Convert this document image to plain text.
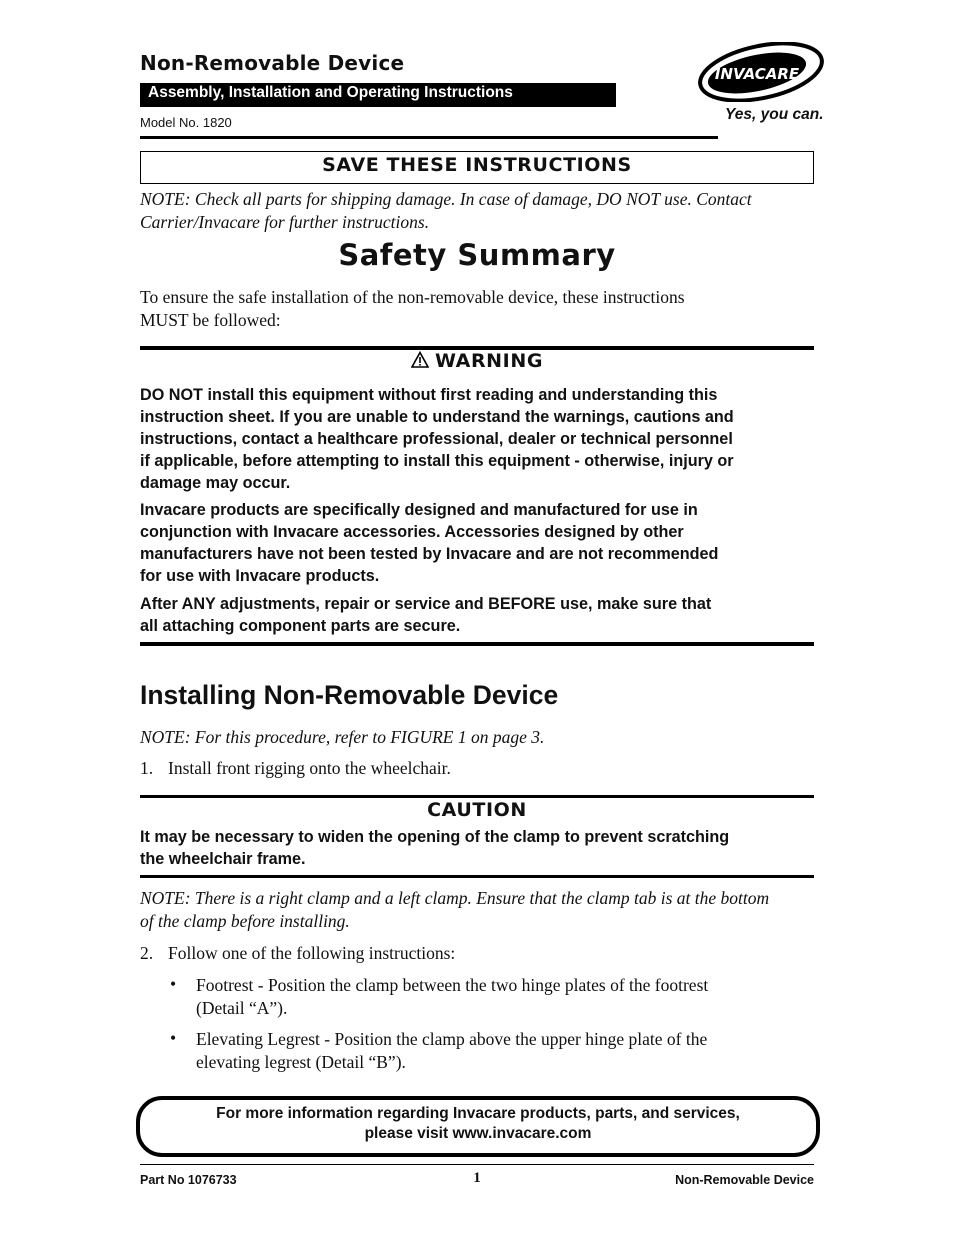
Non-Removable Device
Assembly, Installation and Operating Instructions
Model No. 1820
INVACARE
Yes, you can.
SAVE THESE INSTRUCTIONS
NOTE: Check all parts for shipping damage. In case of damage, DO NOT use. Contact
Carrier/Invacare for further instructions.
Safety Summary
To ensure the safe installation of the non-removable device, these instructions
MUST be followed:
WARNING
DO NOT install this equipment without first reading and understanding this
instruction sheet. If you are unable to understand the warnings, cautions and
instructions, contact a healthcare professional, dealer or technical personnel
if applicable, before attempting to install this equipment - otherwise, injury or
damage may occur.
Invacare products are specifically designed and manufactured for use in
conjunction with Invacare accessories. Accessories designed by other
manufacturers have not been tested by Invacare and are not recommended
for use with Invacare products.
After ANY adjustments, repair or service and BEFORE use, make sure that
all attaching component parts are secure.
Installing Non-Removable Device
NOTE: For this procedure, refer to FIGURE 1 on page 3.
1. Install front rigging onto the wheelchair.
CAUTION
It may be necessary to widen the opening of the clamp to prevent scratching
the wheelchair frame.
NOTE: There is a right clamp and a left clamp. Ensure that the clamp tab is at the bottom
of the clamp before installing.
2. Follow one of the following instructions:
• Footrest - Position the clamp between the two hinge plates of the footrest
(Detail “A”).
• Elevating Legrest - Position the clamp above the upper hinge plate of the
elevating legrest (Detail “B”).
For more information regarding Invacare products, parts, and services,
please visit www.invacare.com
Part No 1076733	1	Non-Removable Device
